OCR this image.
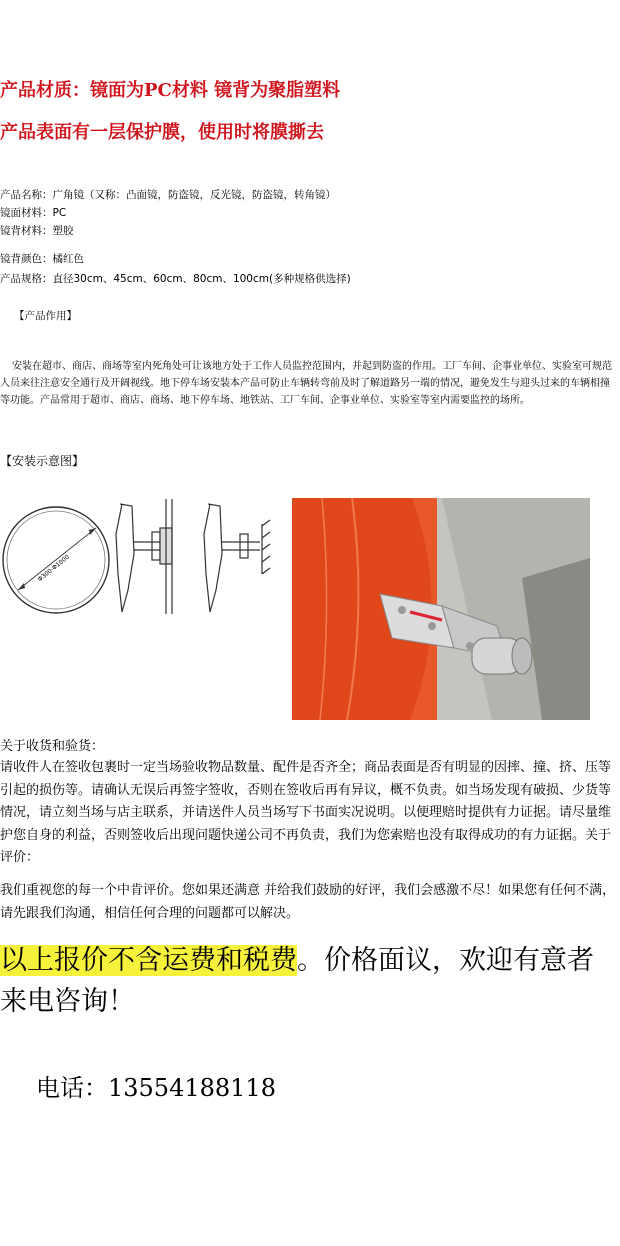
产品材质：镜面为PC材料 镜背为聚脂塑料
产品表面有一层保护膜，使用时将膜撕去
产品名称：广角镜（又称：凸面镜，防盗镜，反光镜，防盗镜，转角镜）
镜面材料：PC
镜背材料：塑胶
镜背颜色：橘红色
产品规格：直径30cm、45cm、60cm、80cm、100cm(多种规格供选择)
【产品作用】
安装在超市、商店、商场等室内死角处可让该地方处于工作人员监控范围内，并起到防盗的作用。工厂车间、企事业单位、实验室可规范人员来往注意安全通行及开阔视线。地下停车场安装本产品可防止车辆转弯前及时了解道路另一端的情况，避免发生与迎头过来的车辆相撞等功能。产品常用于超市、商店、商场、地下停车场、地铁站、工厂车间、企事业单位、实验室等室内需要监控的场所。
【安装示意图】
Φ300-Φ1000
关于收货和验货：
请收件人在签收包裹时一定当场验收物品数量、配件是否齐全；商品表面是否有明显的因摔、撞、挤、压等引起的损伤等。请确认无误后再签字签收，否则在签收后再有异议，概不负责。如当场发现有破损、少货等情况，请立刻当场与店主联系，并请送件人员当场写下书面实况说明。以便理赔时提供有力证据。请尽量维护您自身的利益，否则签收后出现问题快递公司不再负责，我们为您索赔也没有取得成功的有力证据。关于评价：
我们重视您的每一个中肯评价。您如果还满意 并给我们鼓励的好评，我们会感激不尽！如果您有任何不满，请先跟我们沟通，相信任何合理的问题都可以解决。
以上报价不含运费和税费。价格面议，欢迎有意者来电咨询！
电话：13554188118
